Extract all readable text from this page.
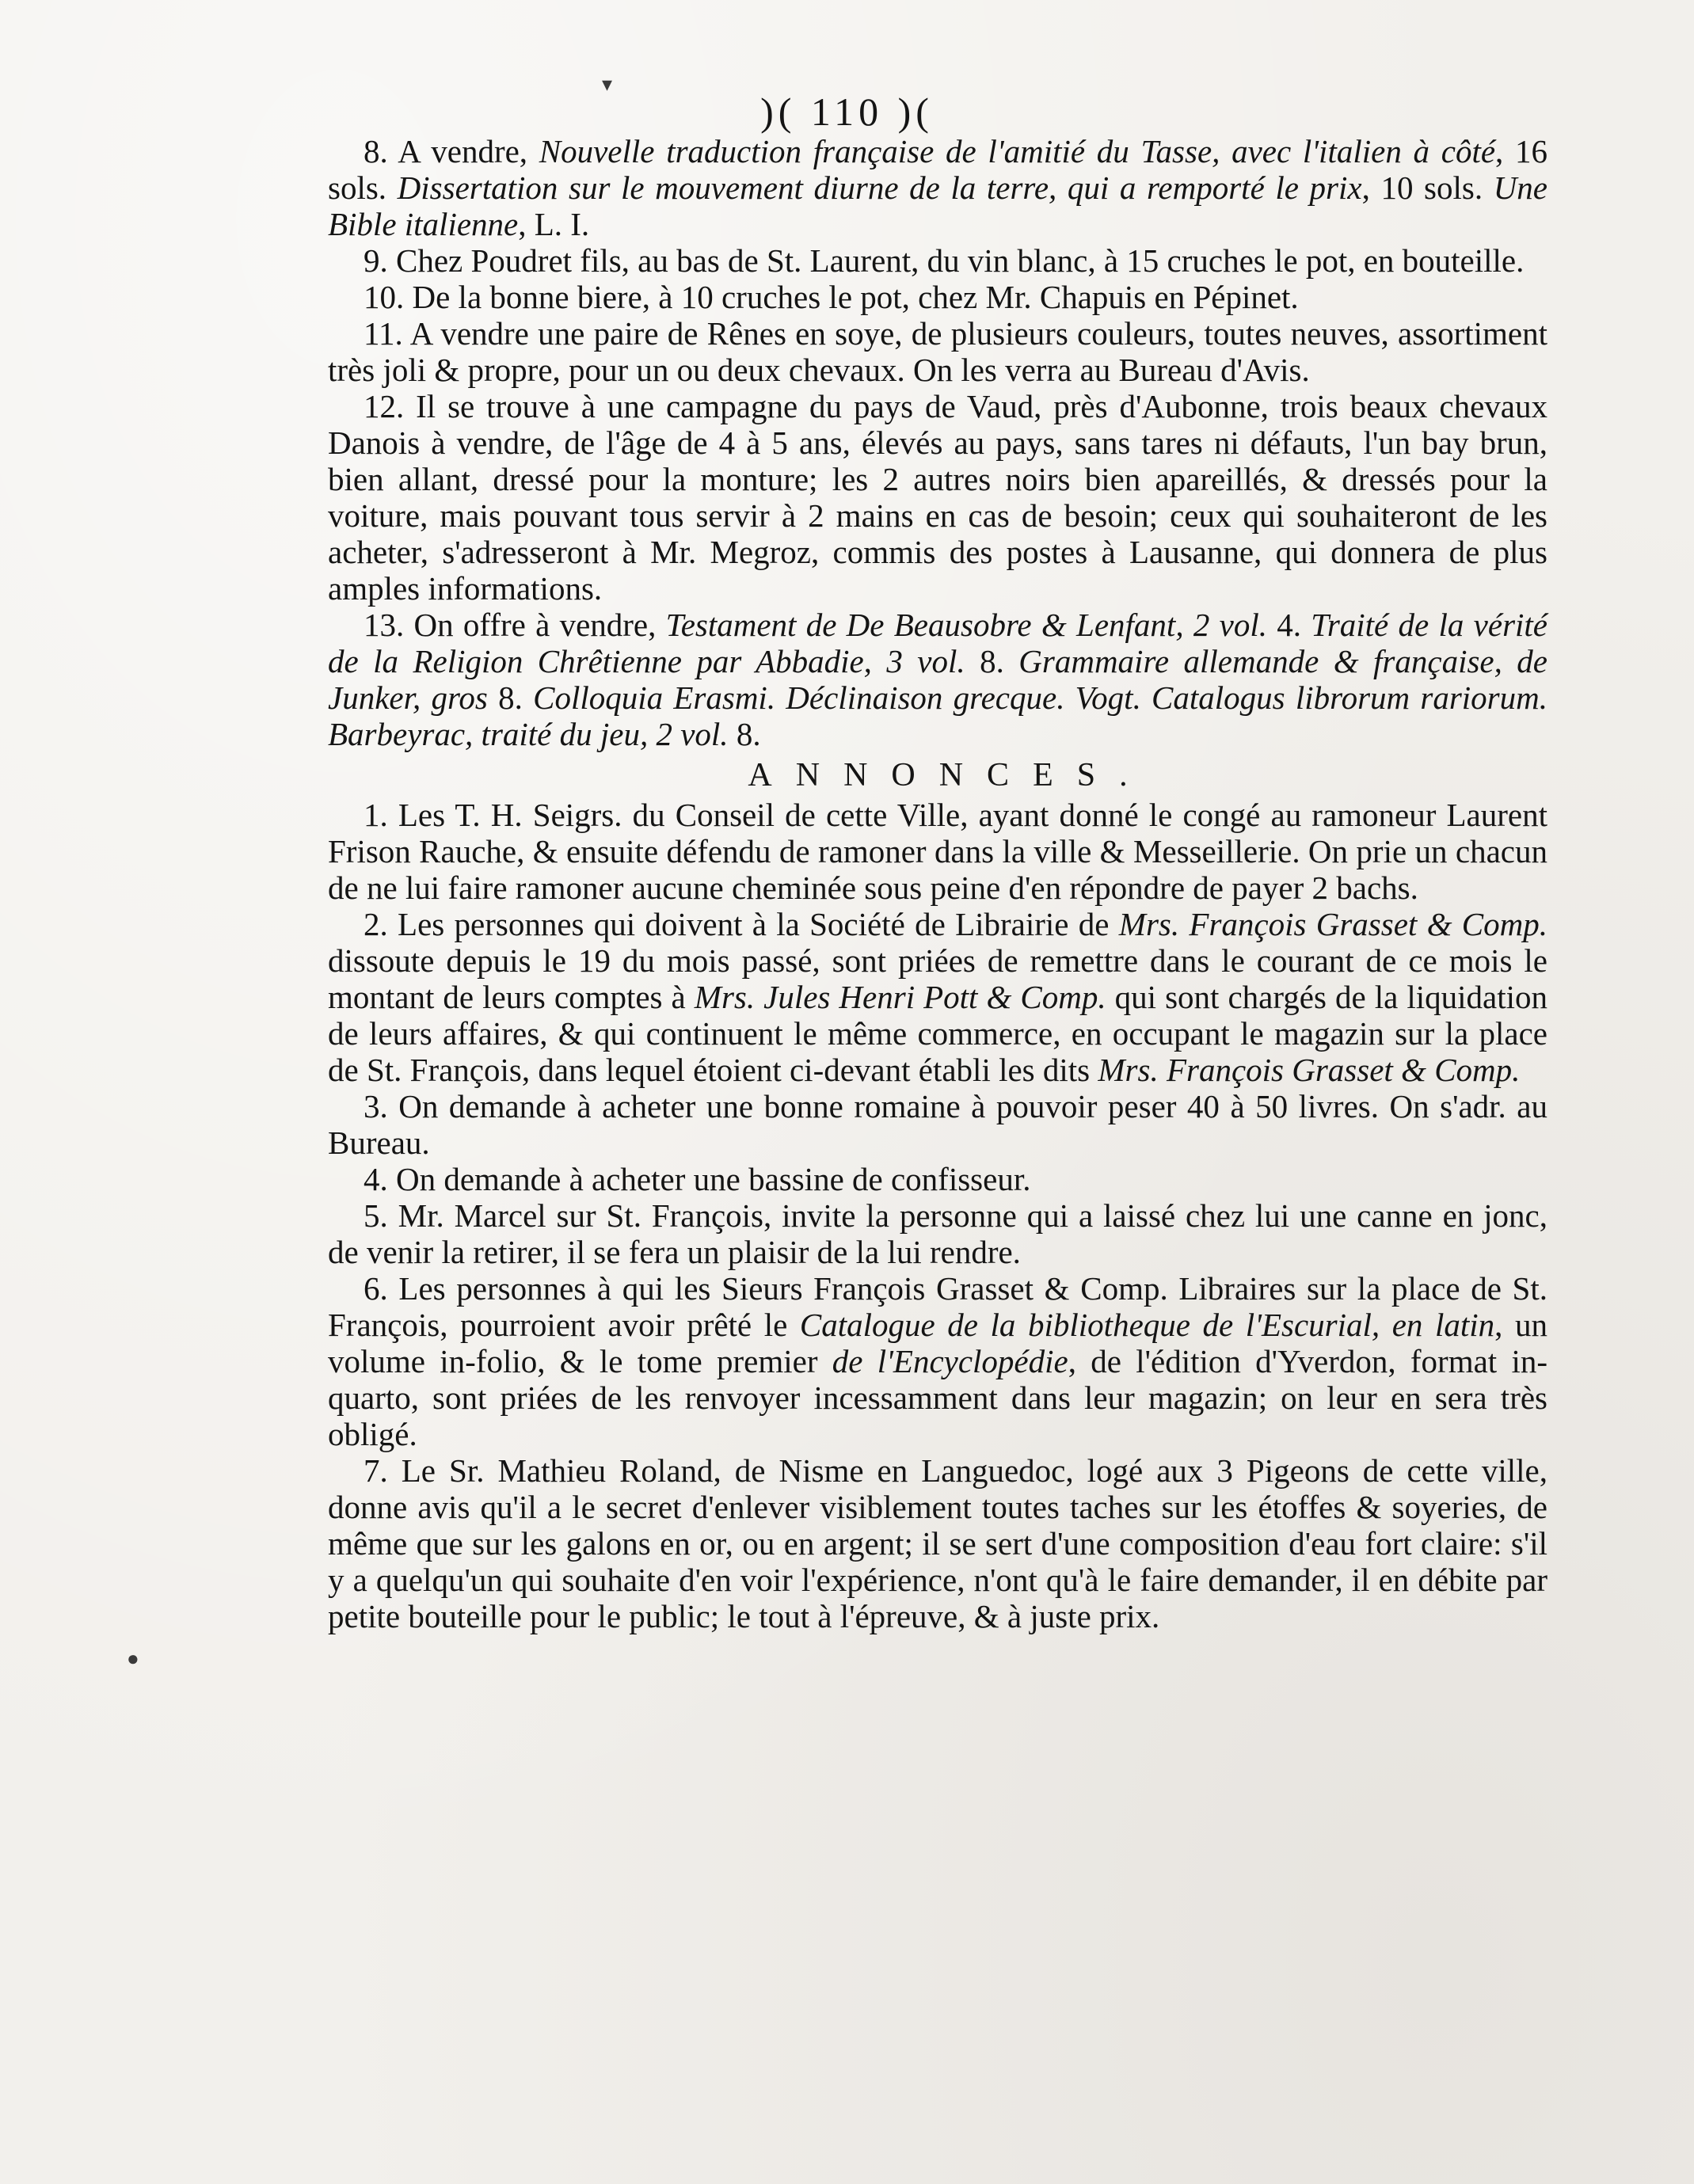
▾
●
)( 110 )(

8. A vendre, Nouvelle traduction française de l'amitié du Tasse, avec l'italien à côté, 16 sols. Dissertation sur le mouvement diurne de la terre, qui a remporté le prix, 10 sols. Une Bible italienne, L. I.

9. Chez Poudret fils, au bas de St. Laurent, du vin blanc, à 15 cruches le pot, en bouteille.

10. De la bonne biere, à 10 cruches le pot, chez Mr. Chapuis en Pépinet.

11. A vendre une paire de Rênes en soye, de plusieurs couleurs, toutes neuves, assortiment très joli & propre, pour un ou deux chevaux. On les verra au Bureau d'Avis.

12. Il se trouve à une campagne du pays de Vaud, près d'Aubonne, trois beaux chevaux Danois à vendre, de l'âge de 4 à 5 ans, élevés au pays, sans tares ni défauts, l'un bay brun, bien allant, dressé pour la monture; les 2 autres noirs bien apareillés, & dressés pour la voiture, mais pouvant tous servir à 2 mains en cas de besoin; ceux qui souhaiteront de les acheter, s'adresseront à Mr. Megroz, commis des postes à Lausanne, qui donnera de plus amples informations.

13. On offre à vendre, Testament de De Beausobre & Lenfant, 2 vol. 4. Traité de la vérité de la Religion Chrêtienne par Abbadie, 3 vol. 8. Grammaire allemande & française, de Junker, gros 8. Colloquia Erasmi. Déclinaison grecque. Vogt. Catalogus librorum rariorum. Barbeyrac, traité du jeu, 2 vol. 8.

ANNONCES.

1. Les T. H. Seigrs. du Conseil de cette Ville, ayant donné le congé au ramoneur Laurent Frison Rauche, & ensuite défendu de ramoner dans la ville & Messeillerie. On prie un chacun de ne lui faire ramoner aucune cheminée sous peine d'en répondre de payer 2 bachs.

2. Les personnes qui doivent à la Société de Librairie de Mrs. François Grasset & Comp. dissoute depuis le 19 du mois passé, sont priées de remettre dans le courant de ce mois le montant de leurs comptes à Mrs. Jules Henri Pott & Comp. qui sont chargés de la liquidation de leurs affaires, & qui continuent le même commerce, en occupant le magazin sur la place de St. François, dans lequel étoient ci-devant établi les dits Mrs. François Grasset & Comp.

3. On demande à acheter une bonne romaine à pouvoir peser 40 à 50 livres. On s'adr. au Bureau.

4. On demande à acheter une bassine de confisseur.

5. Mr. Marcel sur St. François, invite la personne qui a laissé chez lui une canne en jonc, de venir la retirer, il se fera un plaisir de la lui rendre.

6. Les personnes à qui les Sieurs François Grasset & Comp. Libraires sur la place de St. François, pourroient avoir prêté le Catalogue de la bibliotheque de l'Escurial, en latin, un volume in-folio, & le tome premier de l'Encyclopédie, de l'édition d'Yverdon, format in-quarto, sont priées de les renvoyer incessamment dans leur magazin; on leur en sera très obligé.

7. Le Sr. Mathieu Roland, de Nisme en Languedoc, logé aux 3 Pigeons de cette ville, donne avis qu'il a le secret d'enlever visiblement toutes taches sur les étoffes & soyeries, de même que sur les galons en or, ou en argent; il se sert d'une composition d'eau fort claire: s'il y a quelqu'un qui souhaite d'en voir l'expérience, n'ont qu'à le faire demander, il en débite par petite bouteille pour le public; le tout à l'épreuve, & à juste prix.
